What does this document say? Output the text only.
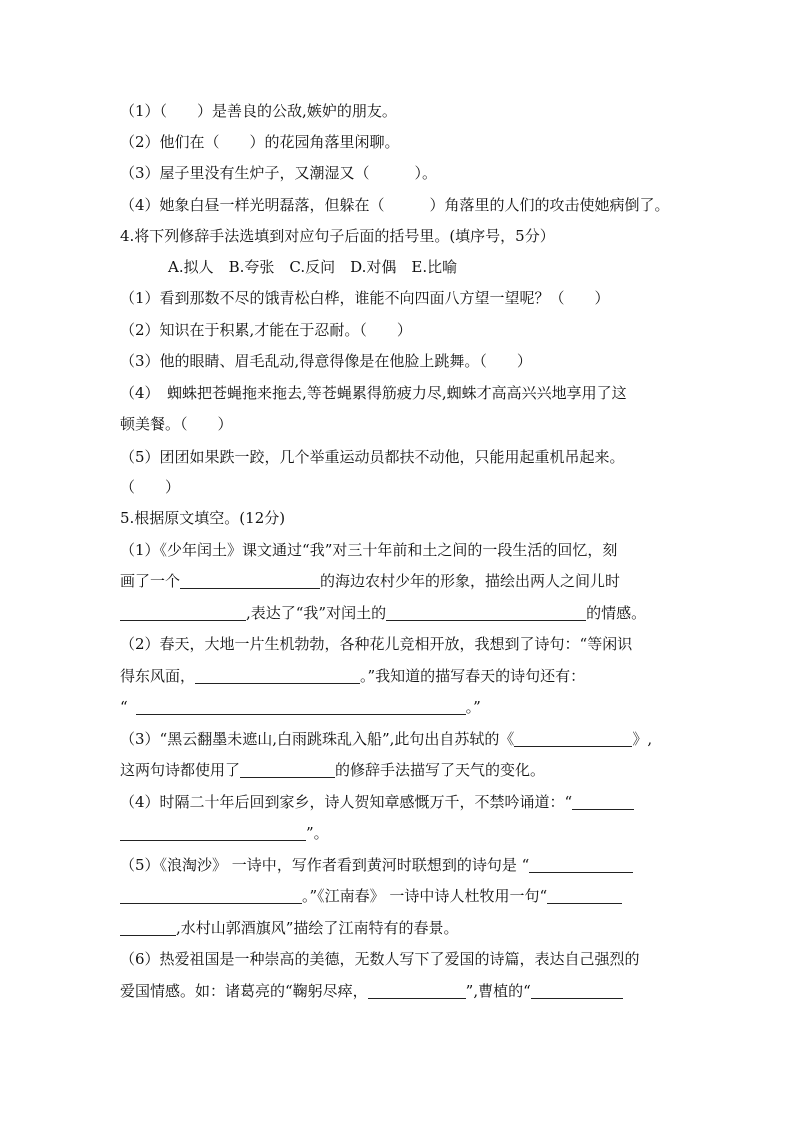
（1）（　　）是善良的公敌,嫉妒的朋友。
（2）他们在（　　）的花园角落里闲聊。
（3）屋子里没有生炉子，又潮湿又（　　　）。
（4）她象白昼一样光明磊落，但躲在（　　　）角落里的人们的攻击使她病倒了。
4.将下列修辞手法选填到对应句子后面的括号里。(填序号，5分）
A.拟人　B.夸张　C.反问　D.对偶　E.比喻
（1）看到那数不尽的饿青松白桦，谁能不向四面八方望一望呢？（　　）
（2）知识在于积累,才能在于忍耐。（　　）
（3）他的眼睛、眉毛乱动,得意得像是在他脸上跳舞。（　　）
（4）　蜘蛛把苍蝇拖来拖去,等苍蝇累得筋疲力尽,蜘蛛才高高兴兴地享用了这
顿美餐。（　　）
（5）团团如果跌一跤，几个举重运动员都扶不动他，只能用起重机吊起来。
（　　）
5.根据原文填空。(12分)
（1）《少年闰土》课文通过“我”对三十年前和土之间的一段生活的回忆，刻
画了一个	的海边农村少年的形象，描绘出两人之间儿时
,表达了“我”对闰土的	的情感。
（2）春天，大地一片生机勃勃，各种花儿竞相开放，我想到了诗句：“等闲识
得东风面，	。”我知道的描写春天的诗句还有：
“	。”
（3）“黑云翻墨未遮山,白雨跳珠乱入船”,此句出自苏轼的《	》,
这两句诗都使用了	的修辞手法描写了天气的变化。
（4）时隔二十年后回到家乡，诗人贺知章感慨万千，不禁吟诵道：“
”。
（5）《浪淘沙》 一诗中，写作者看到黄河时联想到的诗句是 “
。”《江南春》 一诗中诗人杜牧用一句“
,水村山郭酒旗风”描绘了江南特有的春景。
（6）热爱祖国是一种崇高的美德，无数人写下了爱国的诗篇，表达自己强烈的
爱国情感。如：诸葛亮的“鞠躬尽瘁，	”,曹植的“
